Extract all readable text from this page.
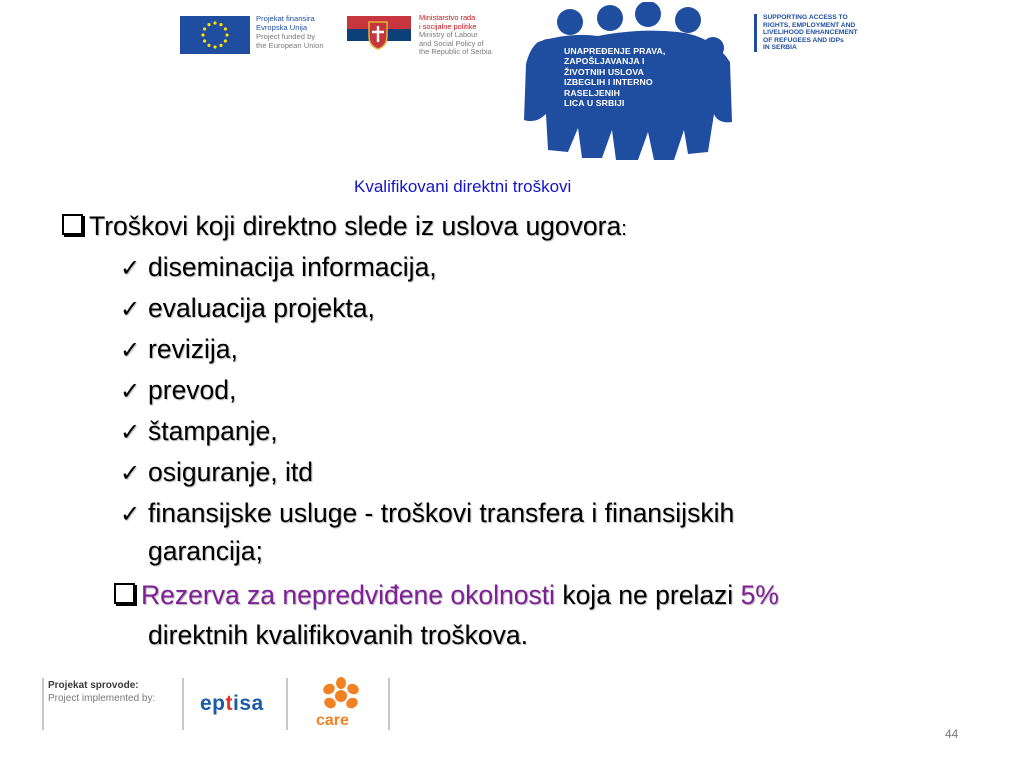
Projekat finansira
Evropska Unija
Project funded by
the European Union
Ministarstvo rada
i socijalne politike
Ministry of Labour
and Social Policy of
the Republic of Serbia	UNAPREĐENJE PRAVA,
ZAPOŠLJAVANJA I
ŽIVOTNIH USLOVA
IZBEGLIH I INTERNO
RASELJENIH
LICA U SRBIJI
SUPPORTING ACCESS TO
RIGHTS, EMPLOYMENT AND
LIVELIHOOD ENHANCEMENT
OF REFUGEES AND IDPs
IN SERBIA
Kvalifikovani direktni troškovi
Troškovi koji direktno slede iz uslova ugovora:
✓ diseminacija informacija,
✓ evaluacija projekta,
✓ revizija,
✓ prevod,
✓ štampanje,
✓ osiguranje, itd
✓ finansijske usluge - troškovi transfera i finansijskih
garancija;
Rezerva za nepredviđene okolnosti koja ne prelazi 5%
direktnih kvalifikovanih troškova.
Projekat sprovode:
Project implemented by: eptisa
care
44
